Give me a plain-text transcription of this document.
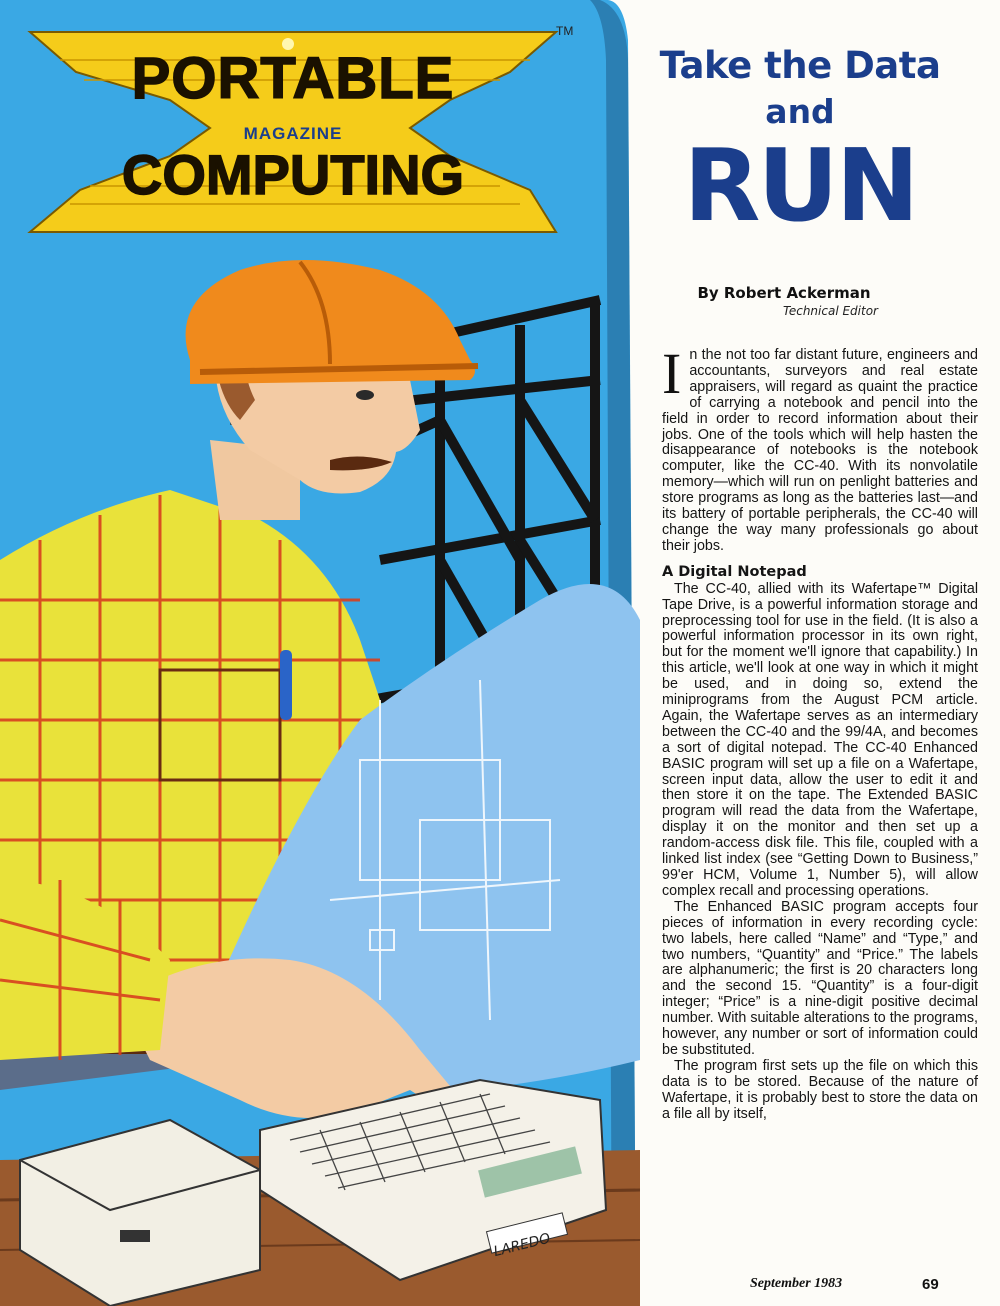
LAREDO
PORTABLE
MAGAZINE
COMPUTING
TM
Take the Data
and
RUN
By Robert Ackerman
Technical Editor

In the not too far distant future, engineers and accountants, surveyors and real estate appraisers, will regard as quaint the practice of carrying a notebook and pencil into the field in order to record information about their jobs. One of the tools which will help hasten the disappearance of notebooks is the notebook computer, like the CC-40. With its nonvolatile memory—which will run on penlight batteries and store programs as long as the batteries last—and its battery of portable peripherals, the CC-40 will change the way many professionals go about their jobs.

A Digital Notepad

The CC-40, allied with its Wafertape™ Digital Tape Drive, is a powerful information storage and preprocessing tool for use in the field. (It is also a powerful information processor in its own right, but for the moment we'll ignore that capability.) In this article, we'll look at one way in which it might be used, and in doing so, extend the miniprograms from the August PCM article. Again, the Wafertape serves as an intermediary between the CC-40 and the 99/4A, and becomes a sort of digital notepad. The CC-40 Enhanced BASIC program will set up a file on a Wafertape, screen input data, allow the user to edit it and then store it on the tape. The Extended BASIC program will read the data from the Wafertape, display it on the monitor and then set up a random-access disk file. This file, coupled with a linked list index (see “Getting Down to Business,” 99'er HCM, Volume 1, Number 5), will allow complex recall and processing operations.

The Enhanced BASIC program accepts four pieces of information in every recording cycle: two labels, here called “Name” and “Type,” and two numbers, “Quantity” and “Price.” The labels are alphanumeric; the first is 20 characters long and the second 15. “Quantity” is a four-digit integer; “Price” is a nine-digit positive decimal number. With suitable alterations to the programs, however, any number or sort of information could be substituted.

The program first sets up the file on which this data is to be stored. Because of the nature of Wafertape, it is probably best to store the data on a file all by itself,

September 1983	69
